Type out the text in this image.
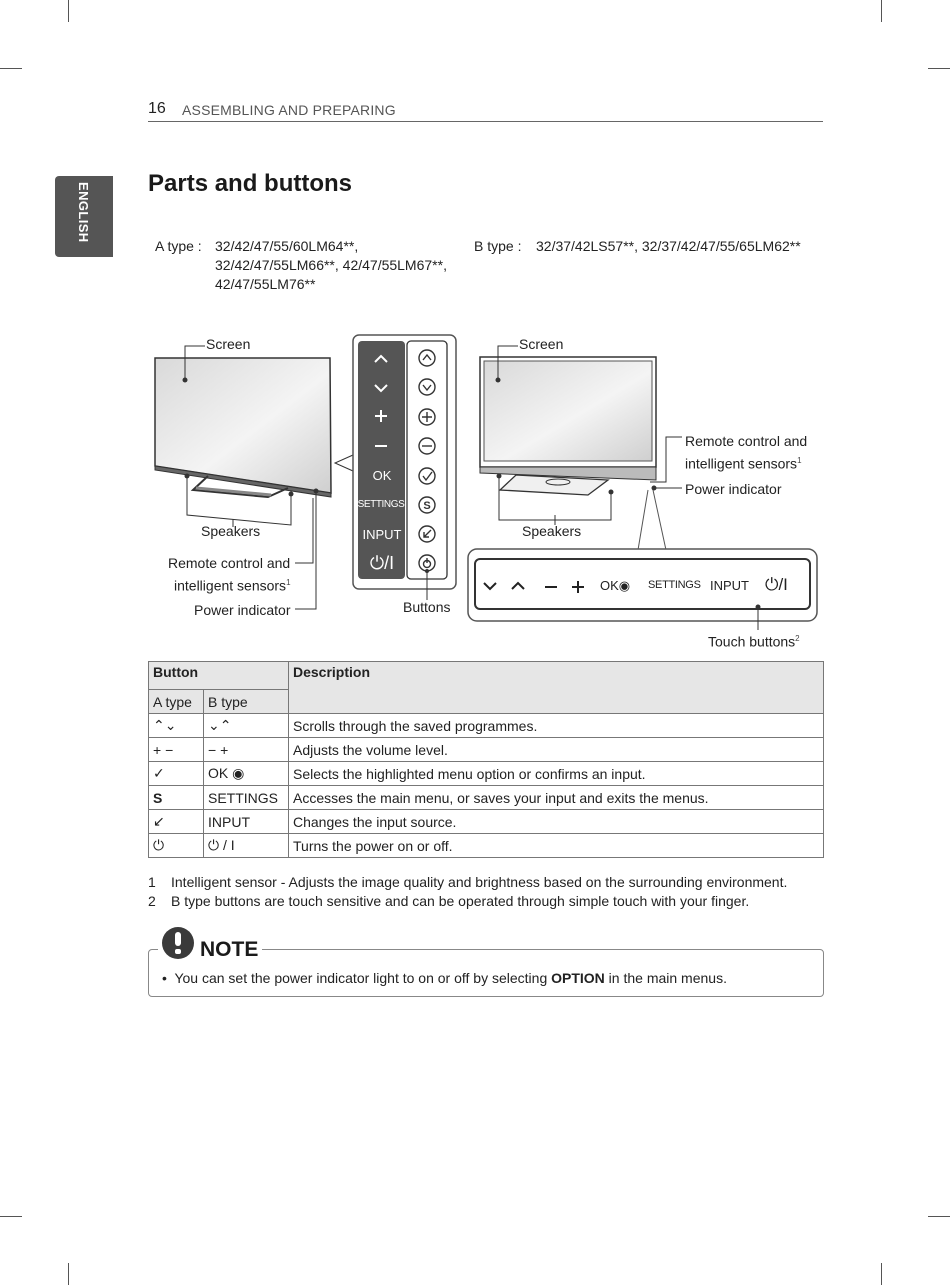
16 ASSEMBLING AND PREPARING
ENGLISH Parts and buttons
A type : 32/42/47/55/60LM64**,
32/42/47/55LM66**, 42/47/55LM67**,
42/47/55LM76**
B type : 32/37/42LS57**, 32/37/42/47/55/65LM62**
S
Screen
Speakers
Remote control and
intelligent sensors$^1$
Power indicator
OK
SETTINGS
INPUT
⏻/I
Buttons
Screen
Remote control and
intelligent sensors$^1$
Power indicator
Speakers
OK◉ SETTINGS INPUT ⏻/I
Touch buttons$^2$
Button		Description
A type	B type	
⌃⌄	⌄⌃	Scrolls through the saved programmes.
+ −	− +	Adjusts the volume level.
✓	OK ◉	Selects the highlighted menu option or confirms an input.
S	SETTINGS	Accesses the main menu, or saves your input and exits the menus.
↙	INPUT	Changes the input source.
⏻	⏻ / I	Turns the power on or off.
1 Intelligent sensor - Adjusts the image quality and brightness based on the surrounding environment.
2 B type buttons are touch sensitive and can be operated through simple touch with your finger.
NOTE
• You can set the power indicator light to on or off by selecting OPTION in the main menus.
